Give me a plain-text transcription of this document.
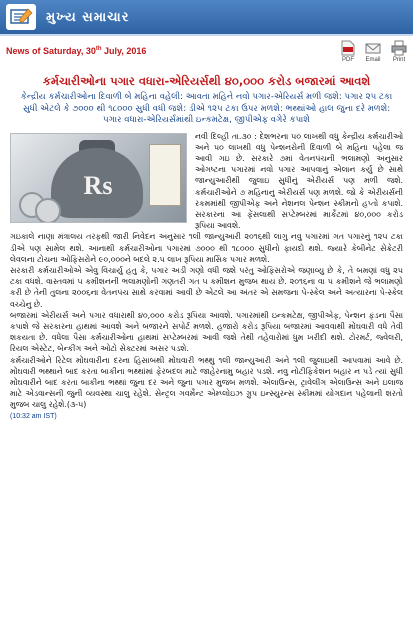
મુખ્ય સમાચાર
News of Saturday, 30th July, 2016
PDF Email Print
કર્મચારીઓના પગાર વધારા-એરિયર્સથી ૪૦,૦૦૦ કરોડ બજારમાં આવશે
કેન્દ્રીય કર્મચારીઓના દિવાળી બે મહિના વહેલી: આવતા મહિને નવો પગાર-એરિયર્સ મળી જશે: પગાર ૨૫ ટકા સુધી એટલે કે ૭૦૦૦ થી ૧૮૦૦૦ સુધી વધી જશે: ડીએ ૧૨૫ ટકા ઉપર મળશે: ભથ્થાંઓ હાલ જુના દરે મળશે: પગાર વધારા-એરિયર્સમાંથી ઇન્કમટેક્ષ, જીપીએફ વગેરે કપાશે
Rs

નવી દિલ્હી તા.૩૦ : દેશભરના ૫૦ લાખથી વધુ કેન્દ્રીય કર્મચારીઓ અને ૫૦ લાખથી વધુ પેન્શનરોની દિવાળી બે મહિના પહેલા જ આવી ગઇ છે. સરકારે ૭માં વેતનપંચની ભલામણો અનુસાર ઓગષ્ટના પગારમાં નવો પગાર આપવાનું એલાન કર્યુ છે સાથે જાન્યુઆરીથી જુલાઇ સુધીનું એરીયર્સ પણ મળી જશે. કર્મચારીઓને ૭ મહિનાનુ એરીયર્સ પણ મળશે. જો કે એરીયર્સની રકમમાંથી જીપીએફ અને નેશનલ પેન્શન સ્કીમનો હપ્તો કપાશે. સરકારના આ ફેંસલાથી સપ્ટેમ્બરમાં માર્કેટમાં ૪૦,૦૦૦ કરોડ રૂપિયા આવશે.

ગઇકાલે નાણા મંત્રાલય તરફથી જારી નિવેદન અનુસાર ૧લી જાન્યુઆરી ૨૦૧૬થી લાગુ નવુ પગારમાં ગત પગારનું ૧૨૫ ટકા ડીએ પણ સામેલ થશે. આનાથી કર્મચારીઓના પગારમાં ૭૦૦૦ થી ૧૮૦૦૦ સુધીનો ફાયદો થશે. જ્યારે કેબીનેટ સેક્રેટરી લેવલના ટોચના ઓફિસરોને ૯૦,૦૦૦ને બદલે ૨.૫ લાખ રૂપિયા માસિક પગાર મળશે.

સરકારી કર્મચારીઓએ એવુ વિચાર્યુ હતુ કે, પગાર અડી ગણો વધી જશે પરંતુ ઓફિસરોએ જણાવ્યુ છે કે, તે બમણાં વધુ ૨૫ ટકા વધશે. વાસ્તવમાં ૫ કમીશનની ભલામણોની ગણતરી ગત ૫ કમીશન મુજબ થાય છે. ૨૦૧૬ના વા ૫ કમીશને જે ભલામણો કરી છે તેની તુલના ૨૦૦૬ના વેતનપંચ સાથે કરવામાં આવી છે એટલે આ અંતર એ સમજના પે-સ્કેલ અને અત્યારના પે-સ્કેલ વચ્ચેનુ છે.

બજારમાં એરીયર્સ અને પગાર વધારાથી ૪૦,૦૦૦ કરોડ રૂપિયા આવશે. પગારમાંથી ઇન્કમટેક્ષ, જીપીએફ, પેન્શન ફંડના પૈસા કપાશે જે સરકારના હાથમાં આવશે અને બજારને સપોર્ટ મળશે. હજારો કરોડ રૂપિયા બજારમાં આવવાથી મોંઘવારી વધે તેવી શકયતા છે. વધેલા પૈસા કર્મચારીઓના હાથમાં સપ્ટેમ્બરમાં આવી જશે તેથી તહેવારોમાં ધુમ ખરીદી થશે. ટોરમર્ટ, જ્વેલરી, રિયલ એસ્ટેટ, બેન્કીંગ અને ઓટો સેક્ટરમાં અસર પડશે.

કર્મચારીઓને રિટેલ મોંઘવારીના દરના હિસાબથી મોંઘવારી ભથ્થુ ૧લી જાન્યુઆરી અને ૧લી જુલાઇથી આપવામાં આવે છે. મોંઘવારી ભથ્થાને બાદ કરતા બાકીના ભથ્થાંમાં ફેરબદલ માટે જાહેરનામુ બહાર પડશે. નવુ નોટીફિકેશન બહાર ન પડે ત્યાં સુધી મોંઘવારીને બાદ કરતા બાકીના ભથ્થાં જુના દર અને જુના પગાર મુજબ મળશે. એલાઉન્સ, ટ્રાવેલીંગ એલાઉન્સ અને ઇલાજ માટે એડવાન્સની જુની વ્યવસ્થા ચાલુ રહેશે. સેન્ટ્રલ ગવર્મેન્ટ એમ્પ્લોઇઝ ગ્રુપ ઇન્સ્યુરન્સ સ્કીમમાં યોગદાન પહેલાની શરતો મુજબ ચાલુ રહેશે.(૩-૫)

(10:32 am IST)
